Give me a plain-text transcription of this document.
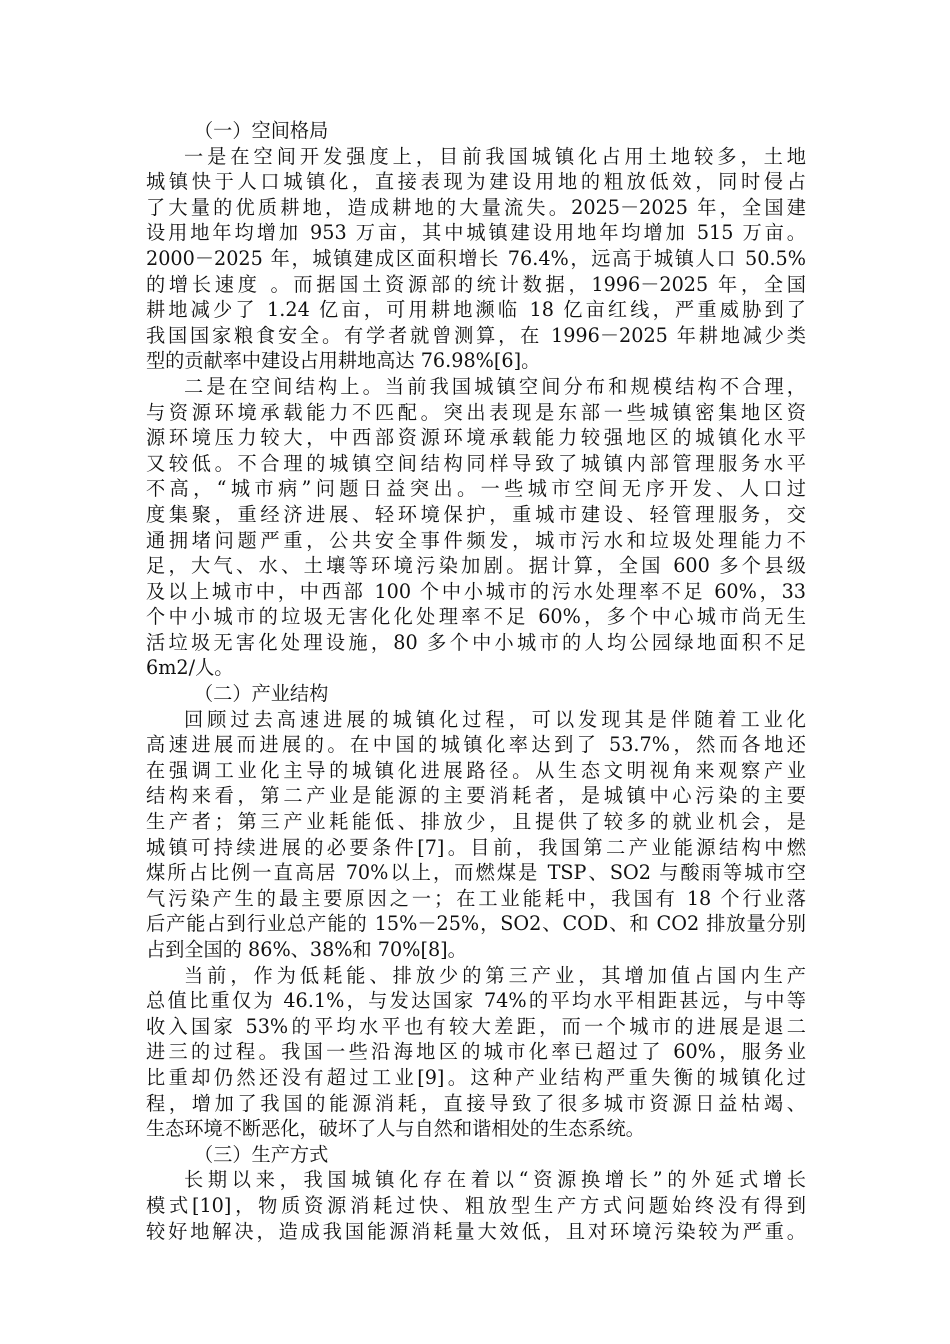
（一）空间格局
一是在空间开发强度上，目前我国城镇化占用土地较多，土地
城镇快于人口城镇化，直接表现为建设用地的粗放低效，同时侵占
了大量的优质耕地，造成耕地的大量流失。2025－2025 年，全国建
设用地年均增加 953 万亩，其中城镇建设用地年均增加 515 万亩。
2000－2025 年，城镇建成区面积增长 76.4%，远高于城镇人口 50.5%
的增长速度 。而据国土资源部的统计数据，1996－2025 年，全国
耕地减少了 1.24 亿亩，可用耕地濒临 18 亿亩红线，严重威胁到了
我国国家粮食安全。有学者就曾测算，在 1996－2025 年耕地减少类
型的贡献率中建设占用耕地高达 76.98%[6]。
二是在空间结构上。当前我国城镇空间分布和规模结构不合理，
与资源环境承载能力不匹配。突出表现是东部一些城镇密集地区资
源环境压力较大，中西部资源环境承载能力较强地区的城镇化水平
又较低。不合理的城镇空间结构同样导致了城镇内部管理服务水平
不高，“城市病”问题日益突出。一些城市空间无序开发、人口过
度集聚，重经济进展、轻环境保护，重城市建设、轻管理服务，交
通拥堵问题严重，公共安全事件频发，城市污水和垃圾处理能力不
足，大气、水、土壤等环境污染加剧。据计算，全国 600 多个县级
及以上城市中，中西部 100 个中小城市的污水处理率不足 60%，33
个中小城市的垃圾无害化化处理率不足 60%，多个中心城市尚无生
活垃圾无害化处理设施，80 多个中小城市的人均公园绿地面积不足
6m2/人。
（二）产业结构
回顾过去高速进展的城镇化过程，可以发现其是伴随着工业化
高速进展而进展的。在中国的城镇化率达到了 53.7%，然而各地还
在强调工业化主导的城镇化进展路径。从生态文明视角来观察产业
结构来看，第二产业是能源的主要消耗者，是城镇中心污染的主要
生产者；第三产业耗能低、排放少，且提供了较多的就业机会，是
城镇可持续进展的必要条件[7]。目前，我国第二产业能源结构中燃
煤所占比例一直高居 70%以上，而燃煤是 TSP、SO2 与酸雨等城市空
气污染产生的最主要原因之一；在工业能耗中，我国有 18 个行业落
后产能占到行业总产能的 15%－25%，SO2、COD、和 CO2 排放量分别
占到全国的 86%、38%和 70%[8]。
当前，作为低耗能、排放少的第三产业，其增加值占国内生产
总值比重仅为 46.1%，与发达国家 74%的平均水平相距甚远，与中等
收入国家 53%的平均水平也有较大差距，而一个城市的进展是退二
进三的过程。我国一些沿海地区的城市化率已超过了 60%，服务业
比重却仍然还没有超过工业[9]。这种产业结构严重失衡的城镇化过
程，增加了我国的能源消耗，直接导致了很多城市资源日益枯竭、
生态环境不断恶化，破坏了人与自然和谐相处的生态系统。
（三）生产方式
长期以来，我国城镇化存在着以“资源换增长”的外延式增长
模式[10]，物质资源消耗过快、粗放型生产方式问题始终没有得到
较好地解决，造成我国能源消耗量大效低，且对环境污染较为严重。
